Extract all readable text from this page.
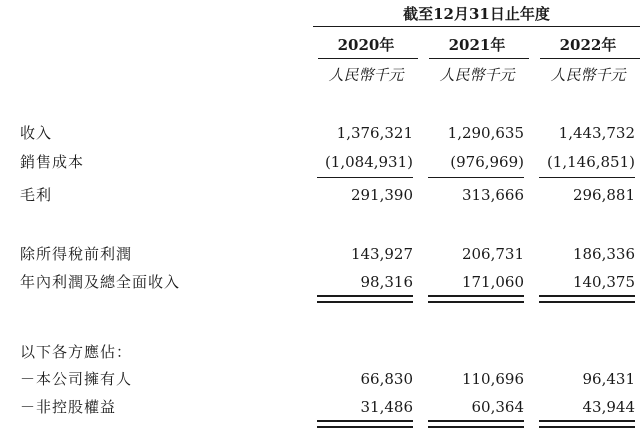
截至12月31日止年度
2020年	2021年	2022年
人民幣千元	人民幣千元	人民幣千元
收入	1,376,321	1,290,635	1,443,732
銷售成本	(1,084,931)	(976,969)	(1,146,851)
毛利	291,390	313,666	296,881
除所得稅前利潤	143,927	206,731	186,336
年內利潤及總全面收入	98,316	171,060	140,375
以下各方應佔：
－本公司擁有人	66,830	110,696	96,431
－非控股權益	31,486	60,364	43,944
